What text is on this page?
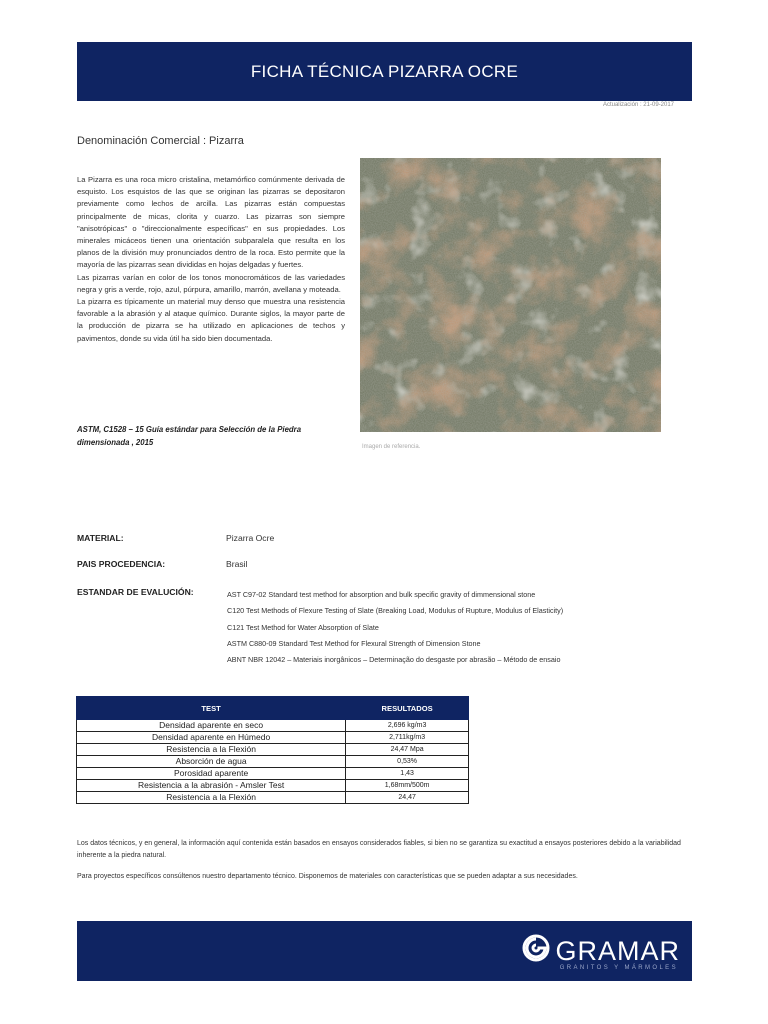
FICHA TÉCNICA PIZARRA OCRE
Actualización : 21-09-2017
Denominación Comercial : Pizarra

La Pizarra es una roca micro cristalina, metamórfico comúnmente derivada de esquisto. Los esquistos de las que se originan las pizarras se depositaron previamente como lechos de arcilla. Las pizarras están compuestas principalmente de micas, clorita y cuarzo. Las pizarras son siempre "anisotrópicas" o "direccionalmente específicas" en sus propiedades. Los minerales micáceos tienen una orientación subparalela que resulta en los planos de la división muy pronunciados dentro de la roca. Esto permite que la mayoría de las pizarras sean divididas en hojas delgadas y fuertes.

Las pizarras varían en color de los tonos monocromáticos de las variedades negra y gris a verde, rojo, azul, púrpura, amarillo, marrón, avellana y moteada.

La pizarra es típicamente un material muy denso que muestra una resistencia favorable a la abrasión y al ataque químico. Durante siglos, la mayor parte de la producción de pizarra se ha utilizado en aplicaciones de techos y pavimentos, donde su vida útil ha sido bien documentada.

ASTM, C1528 – 15 Guía estándar para Selección de la Piedra dimensionada , 2015	Imagen de referencia.
MATERIAL:	Pizarra Ocre
PAIS PROCEDENCIA:	Brasil
ESTANDAR DE EVALUCIÓN:	AST C97-02 Standard test method for absorption and bulk specific gravity of dimmensional stone
C120 Test Methods of Flexure Testing of Slate (Breaking Load, Modulus of Rupture, Modulus of Elasticity)
C121 Test Method for Water Absorption of Slate
ASTM C880-09 Standard Test Method for Flexural Strength of Dimension Stone
ABNT NBR 12042 – Materiais inorgânicos – Determinação do desgaste por abrasão – Método de ensaio
TEST	RESULTADOS
Densidad aparente en seco	2,696 kg/m3
Densidad aparente en Húmedo	2,711kg/m3
Resistencia a la Flexión	24,47 Mpa
Absorción de agua	0,53%
Porosidad aparente	1,43
Resistencia a la abrasión - Amsler Test	1,68mm/500m
Resistencia a la Flexión	24,47
Los datos técnicos, y en general, la información aquí contenida están basados en ensayos considerados fiables, si bien no se garantiza su exactitud a ensayos posteriores debido a la variabilidad inherente a la piedra natural.
Para proyectos específicos consúltenos nuestro departamento técnico. Disponemos de materiales con características que se pueden adaptar a sus necesidades.
GRAMAR
GRANITOS Y MÁRMOLES
